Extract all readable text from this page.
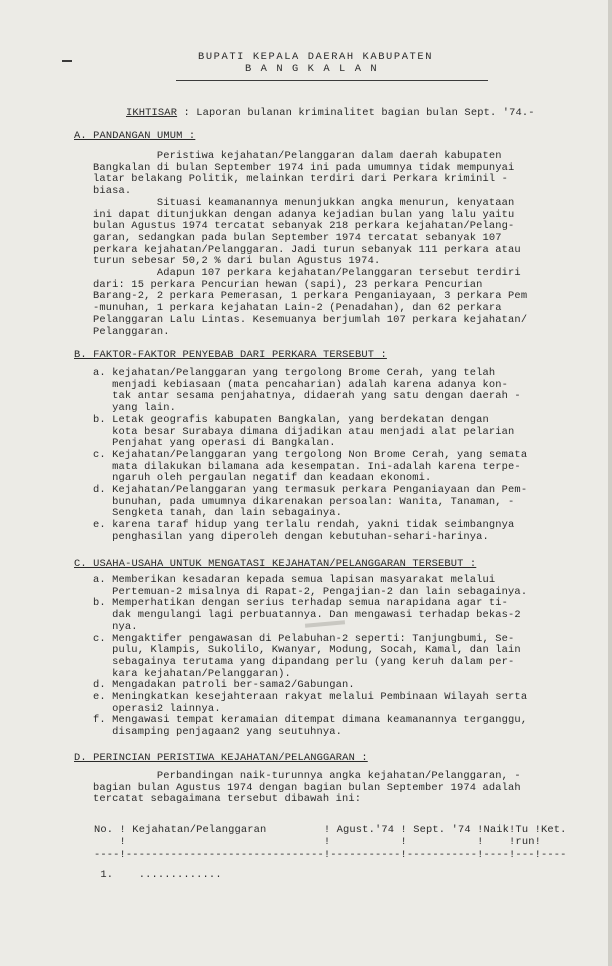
BUPATI KEPALA DAERAH KABUPATEN
B A N G K A L A N
IKHTISAR : Laporan bulanan kriminalitet bagian bulan Sept. '74.-
A. PANDANGAN UMUM :
Peristiwa kejahatan/Pelanggaran dalam daerah kabupaten
Bangkalan di bulan September 1974 ini pada umumnya tidak mempunyai
latar belakang Politik, melainkan terdiri dari Perkara kriminil -
biasa.
Situasi keamanannya menunjukkan angka menurun, kenyataan
ini dapat ditunjukkan dengan adanya kejadian bulan yang lalu yaitu
bulan Agustus 1974 tercatat sebanyak 218 perkara kejahatan/Pelang-
garan, sedangkan pada bulan September 1974 tercatat sebanyak 107
perkara kejahatan/Pelanggaran. Jadi turun sebanyak 111 perkara atau
turun sebesar 50,2 % dari bulan Agustus 1974.
Adapun 107 perkara kejahatan/Pelanggaran tersebut terdiri
dari: 15 perkara Pencurian hewan (sapi), 23 perkara Pencurian
Barang-2, 2 perkara Pemerasan, 1 perkara Penganiayaan, 3 perkara Pem
-munuhan, 1 perkara kejahatan Lain-2 (Penadahan), dan 62 perkara
Pelanggaran Lalu Lintas. Kesemuanya berjumlah 107 perkara kejahatan/
Pelanggaran.
B. FAKTOR-FAKTOR PENYEBAB DARI PERKARA TERSEBUT :
a. kejahatan/Pelanggaran yang tergolong Brome Cerah, yang telah
menjadi kebiasaan (mata pencaharian) adalah karena adanya kon-
tak antar sesama penjahatnya, didaerah yang satu dengan daerah -
yang lain.
b. Letak geografis kabupaten Bangkalan, yang berdekatan dengan
kota besar Surabaya dimana dijadikan atau menjadi alat pelarian
Penjahat yang operasi di Bangkalan.
c. Kejahatan/Pelanggaran yang tergolong Non Brome Cerah, yang semata
mata dilakukan bilamana ada kesempatan. Ini-adalah karena terpe-
ngaruh oleh pergaulan negatif dan keadaan ekonomi.
d. Kejahatan/Pelanggaran yang termasuk perkara Penganiayaan dan Pem-
bunuhan, pada umumnya dikarenakan persoalan: Wanita, Tanaman, -
Sengketa tanah, dan lain sebagainya.
e. karena taraf hidup yang terlalu rendah, yakni tidak seimbangnya
penghasilan yang diperoleh dengan kebutuhan-sehari-harinya.
C. USAHA-USAHA UNTUK MENGATASI KEJAHATAN/PELANGGARAN TERSEBUT :
a. Memberikan kesadaran kepada semua lapisan masyarakat melalui
Pertemuan-2 misalnya di Rapat-2, Pengajian-2 dan lain sebagainya.
b. Memperhatikan dengan serius terhadap semua narapidana agar ti-
dak mengulangi lagi perbuatannya. Dan mengawasi terhadap bekas-2
nya.
c. Mengaktifer pengawasan di Pelabuhan-2 seperti: Tanjungbumi, Se-
pulu, Klampis, Sukolilo, Kwanyar, Modung, Socah, Kamal, dan lain
sebagainya terutama yang dipandang perlu (yang keruh dalam per-
kara kejahatan/Pelanggaran).
d. Mengadakan patroli ber-sama2/Gabungan.
e. Meningkatkan kesejahteraan rakyat melalui Pembinaan Wilayah serta
operasi2 lainnya.
f. Mengawasi tempat keramaian ditempat dimana keamanannya terganggu,
disamping penjagaan2 yang seutuhnya.
D. PERINCIAN PERISTIWA KEJAHATAN/PELANGGARAN :
Perbandingan naik-turunnya angka kejahatan/Pelanggaran, -
bagian bulan Agustus 1974 dengan bagian bulan September 1974 adalah
tercatat sebagaimana tersebut dibawah ini:
No. ! Kejahatan/Pelanggaran         ! Agust.'74 ! Sept. '74 !Naik!Tu !Ket.
!                               !           !           !    !run!
----!-------------------------------!-----------!-----------!----!---!----
1.    .............
